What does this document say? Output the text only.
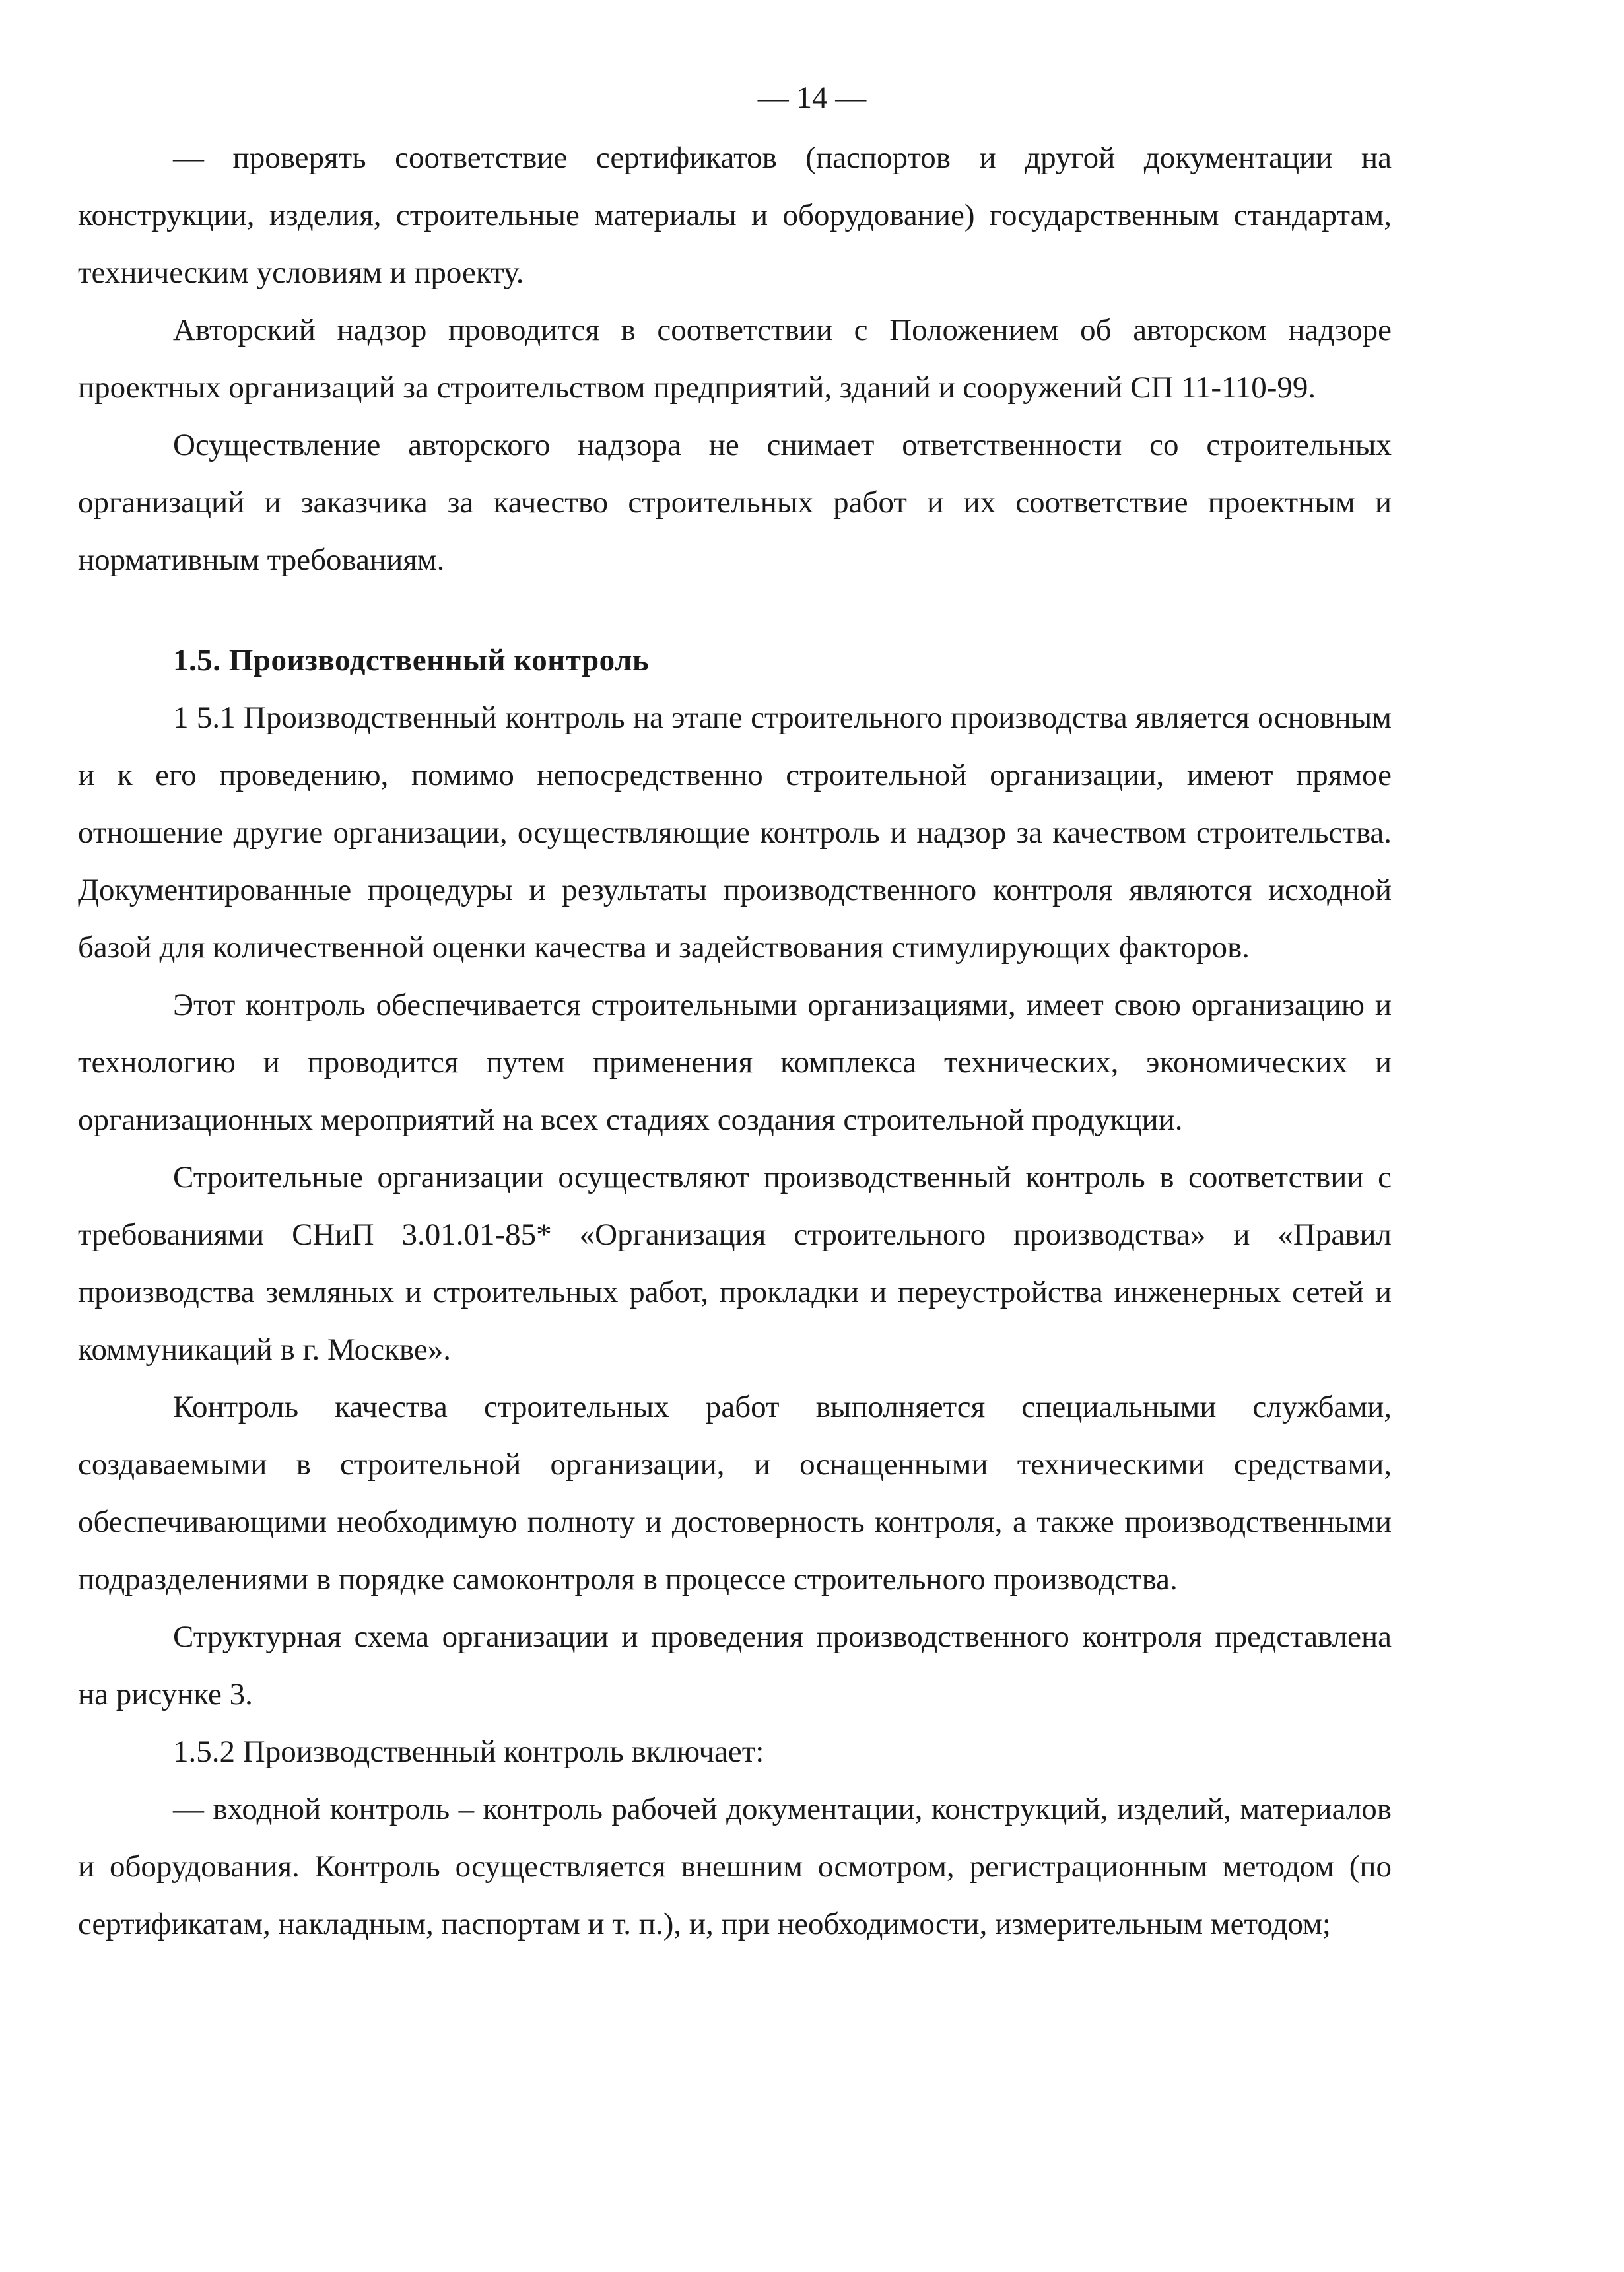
— 14 —

— проверять соответствие сертификатов (паспортов и другой документации на конструкции, изделия, строительные материалы и оборудование) государственным стандартам, техническим условиям и проекту.

Авторский надзор проводится в соответствии с Положением об авторском надзоре проектных организаций за строительством предприятий, зданий и сооружений СП 11-110-99.

Осуществление авторского надзора не снимает ответственности со строительных организаций и заказчика за качество строительных работ и их соответствие проектным и нормативным требованиям.

1.5. Производственный контроль

1 5.1 Производственный контроль на этапе строительного производства является основным и к его проведению, помимо непосредственно строительной организации, имеют прямое отношение другие организации, осуществляющие контроль и надзор за качеством строительства. Документированные процедуры и результаты производственного контроля являются исходной базой для количественной оценки качества и задействования стимулирующих факторов.

Этот контроль обеспечивается строительными организациями, имеет свою организацию и технологию и проводится путем применения комплекса технических, экономических и организационных мероприятий на всех стадиях создания строительной продукции.

Строительные организации осуществляют производственный контроль в соответствии с требованиями СНиП 3.01.01-85* «Организация строительного производства» и «Правил производства земляных и строительных работ, прокладки и переустройства инженерных сетей и коммуникаций в г. Москве».

Контроль качества строительных работ выполняется специальными службами, создаваемыми в строительной организации, и оснащенными техническими средствами, обеспечивающими необходимую полноту и достоверность контроля, а также производственными подразделениями в порядке самоконтроля в процессе строительного производства.

Структурная схема организации и проведения производственного контроля представлена на рисунке 3.

1.5.2 Производственный контроль включает:

— входной контроль – контроль рабочей документации, конструкций, изделий, материалов и оборудования. Контроль осуществляется внешним осмотром, регистрационным методом (по сертификатам, накладным, паспортам и т. п.), и, при необходимости, измерительным методом;
